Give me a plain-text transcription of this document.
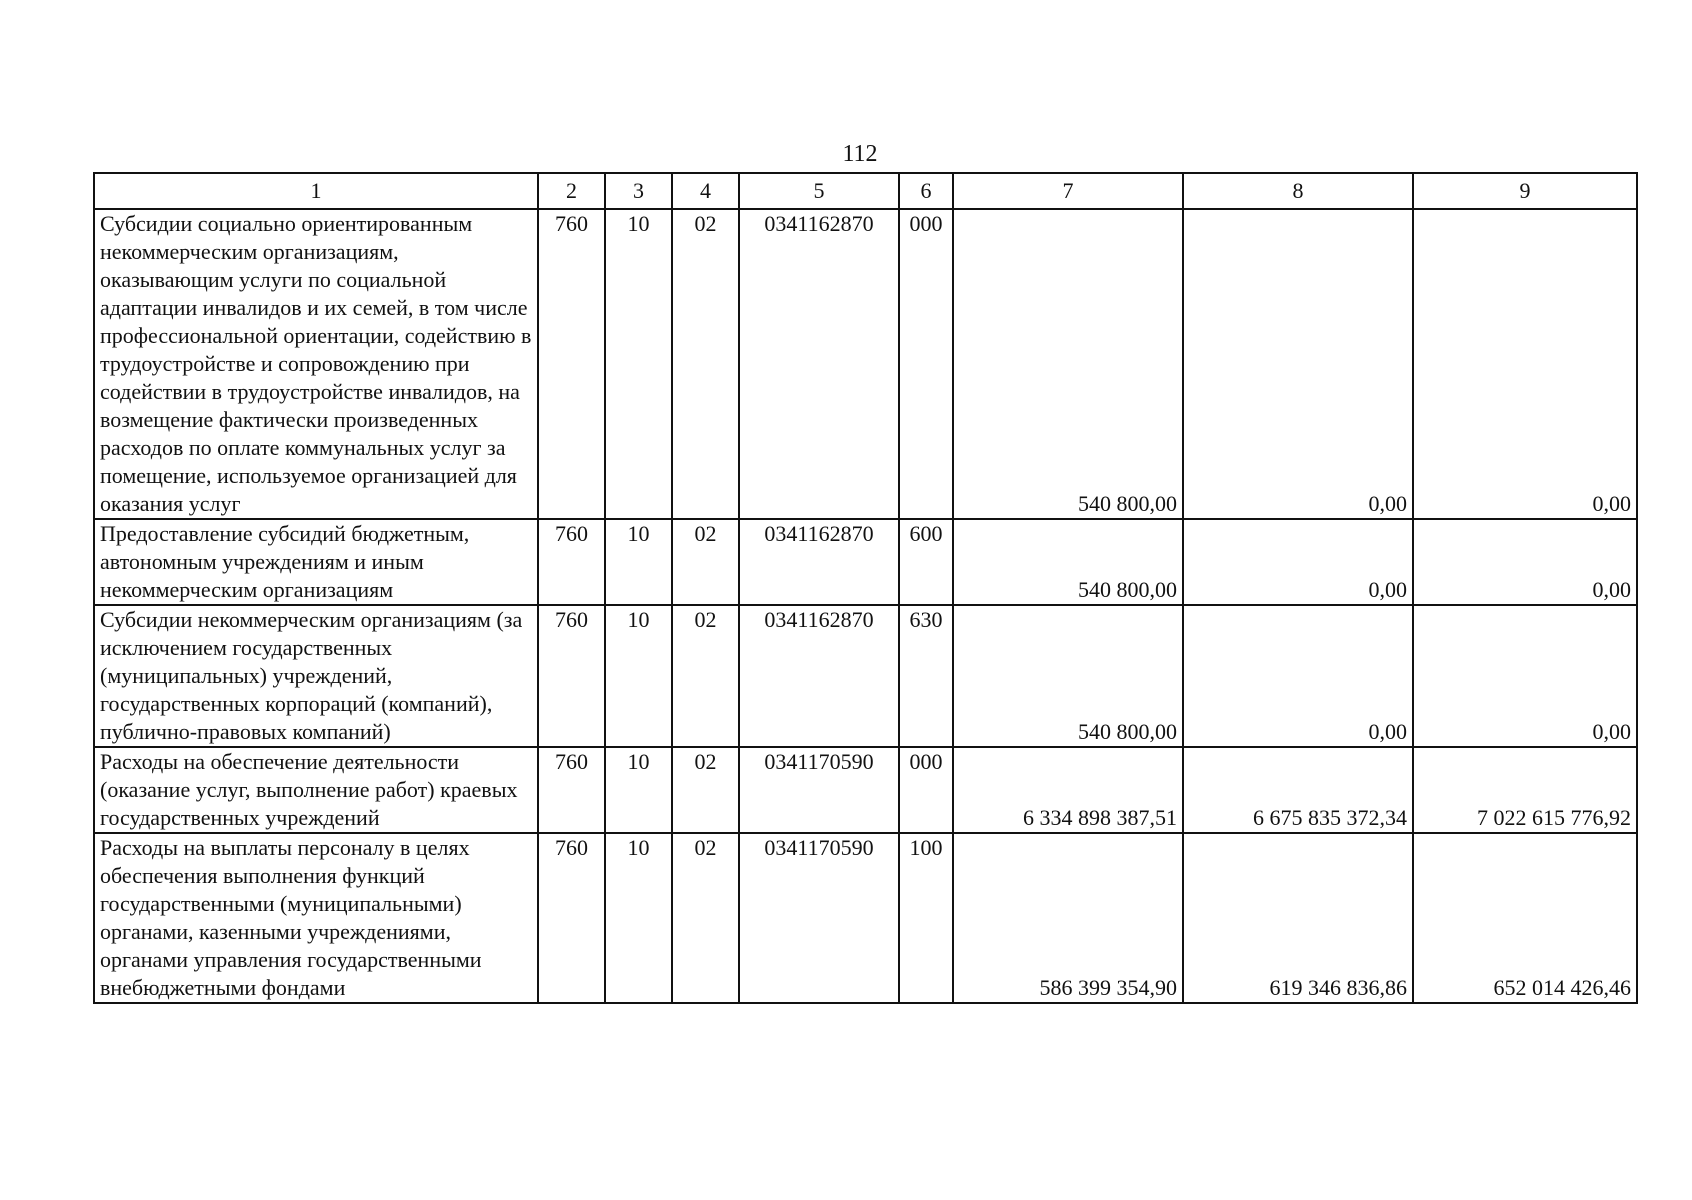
112
1	2	3	4	5	6	7	8	9
Субсидии социально ориентированным некоммерческим организациям, оказывающим услуги по социальной адаптации инвалидов и их семей, в том числе профессиональной ориентации, содействию в трудоустройстве и сопровождению при содействии в трудоустройстве инвалидов, на возмещение фактически произведенных расходов по оплате коммунальных услуг за помещение, используемое организацией для оказания услуг	760	10	02	0341162870	000	540 800,00	0,00	0,00
Предоставление субсидий бюджетным, автономным учреждениям и иным некоммерческим организациям	760	10	02	0341162870	600	540 800,00	0,00	0,00
Субсидии некоммерческим организациям (за исключением государственных (муниципальных) учреждений, государственных корпораций (компаний), публично-правовых компаний)	760	10	02	0341162870	630	540 800,00	0,00	0,00
Расходы на обеспечение деятельности (оказание услуг, выполнение работ) краевых государственных учреждений	760	10	02	0341170590	000	6 334 898 387,51	6 675 835 372,34	7 022 615 776,92
Расходы на выплаты персоналу в целях обеспечения выполнения функций государственными (муниципальными) органами, казенными учреждениями, органами управления государственными внебюджетными фондами	760	10	02	0341170590	100	586 399 354,90	619 346 836,86	652 014 426,46
